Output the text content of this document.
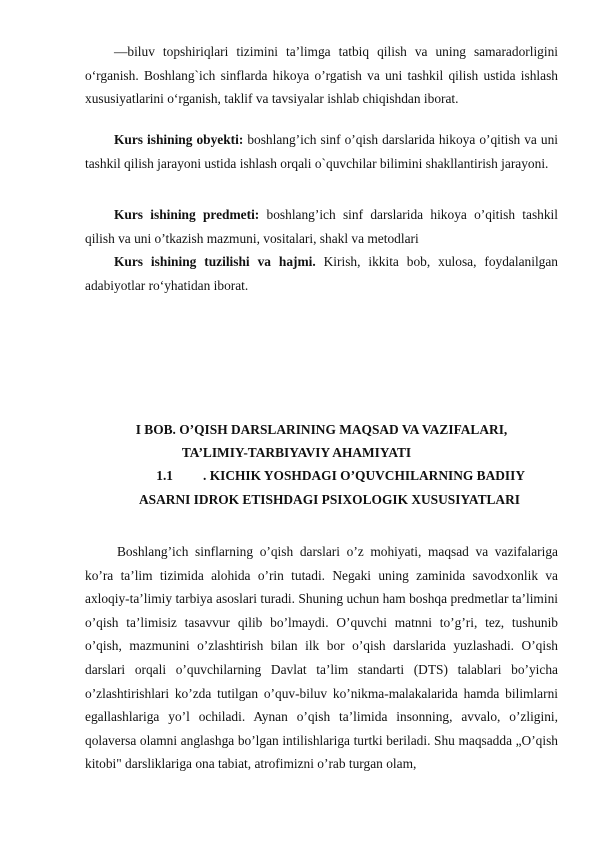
—biluv topshiriqlari tizimini ta’limga tatbiq qilish va uning samaradorligini o‘rganish. Boshlang`ich sinflarda hikoya o’rgatish va uni tashkil qilish ustida ishlash xususiyatlarini o‘rganish, taklif va tavsiyalar ishlab chiqishdan iborat.

Kurs ishining obyekti: boshlang’ich sinf o’qish darslarida hikoya o’qitish va uni tashkil qilish jarayoni ustida ishlash orqali o`quvchilar bilimini shakllantirish jarayoni.

Kurs ishining predmeti: boshlang’ich sinf darslarida hikoya o’qitish tashkil qilish va uni o’tkazish mazmuni, vositalari, shakl va metodlari

Kurs ishining tuzilishi va hajmi. Kirish, ikkita bob, xulosa, foydalanilgan adabiyotlar ro‘yhatidan iborat.

I BOB. O’QISH DARSLARINING MAQSAD VA VAZIFALARI,

TA’LIMIY-TARBIYAVIY AHAMIYATI

1.1 . KICHIK YOSHDAGI O’QUVCHILARNING BADIIY

ASARNI IDROK ETISHDAGI PSIXOLOGIK XUSUSIYATLARI

Boshlang’ich sinflarning o’qish darslari o’z mohiyati, maqsad va vazifalariga ko’ra ta’lim tizimida alohida o’rin tutadi. Negaki uning zaminida savodxonlik va axloqiy-ta’limiy tarbiya asoslari turadi. Shuning uchun ham boshqa predmetlar ta’limini o’qish ta’limisiz tasavvur qilib bo’lmaydi. O’quvchi matnni to’g’ri, tez, tushunib o’qish, mazmunini o’zlashtirish bilan ilk bor o’qish darslarida yuzlashadi. O’qish darslari orqali o’quvchilarning Davlat ta’lim standarti (DTS) talablari bo’yicha o’zlashtirishlari ko’zda tutilgan o’quv-biluv ko’nikma-malakalarida hamda bilimlarni egallashlariga yo’l ochiladi. Aynan o’qish ta’limida insonning, avvalo, o’zligini, qolaversa olamni anglashga bo’lgan intilishlariga turtki beriladi. Shu maqsadda „O’qish kitobi" darsliklariga ona tabiat, atrofimizni o’rab turgan olam,
